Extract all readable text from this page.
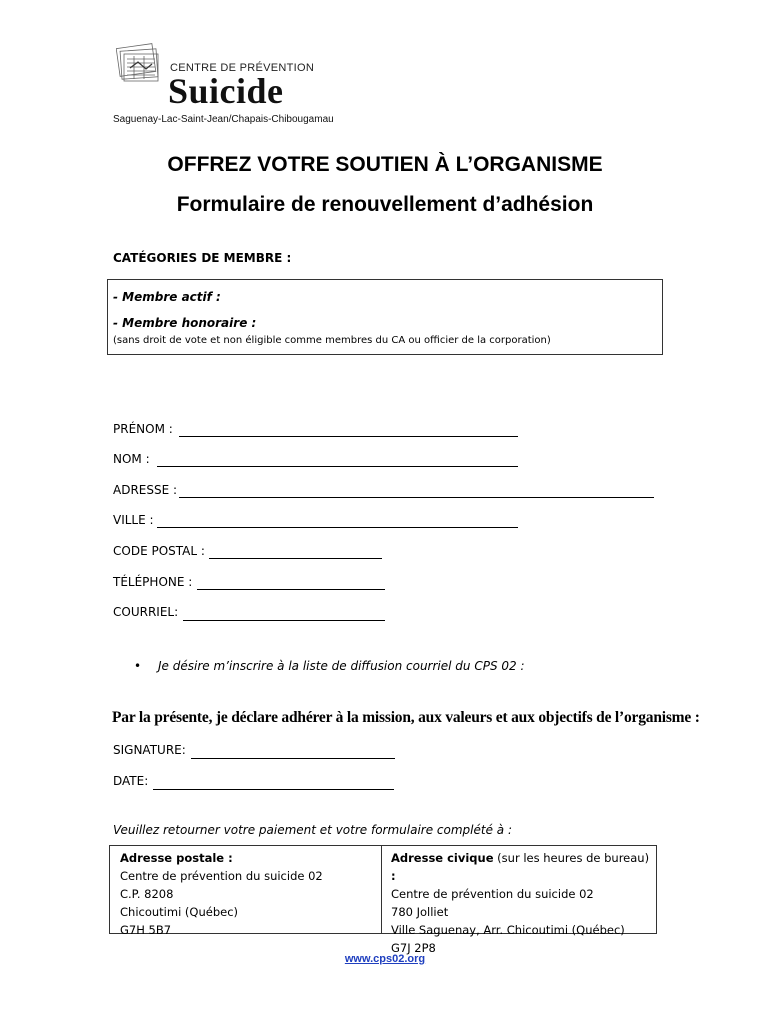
CENTRE DE PRÉVENTION
Suicide
Saguenay-Lac-Saint-Jean/Chapais-Chibougamau
OFFREZ VOTRE SOUTIEN À L’ORGANISME
Formulaire de renouvellement d’adhésion
CATÉGORIES DE MEMBRE :
- Membre actif :
- Membre honoraire :
(sans droit de vote et non éligible comme membres du CA ou officier de la corporation)
PRÉNOM :
NOM :
ADRESSE :
VILLE :
CODE POSTAL :
TÉLÉPHONE :
COURRIEL:
• Je désire m’inscrire à la liste de diffusion courriel du CPS 02 :
Par la présente, je déclare adhérer à la mission, aux valeurs et aux objectifs de l’organisme :
SIGNATURE:
DATE:
Veuillez retourner votre paiement et votre formulaire complété à :
Adresse postale :
Centre de prévention du suicide 02
C.P. 8208
Chicoutimi (Québec)
G7H 5B7
Adresse civique (sur les heures de bureau) :
Centre de prévention du suicide 02
780 Jolliet
Ville Saguenay, Arr. Chicoutimi (Québec)
G7J 2P8
www.cps02.org
